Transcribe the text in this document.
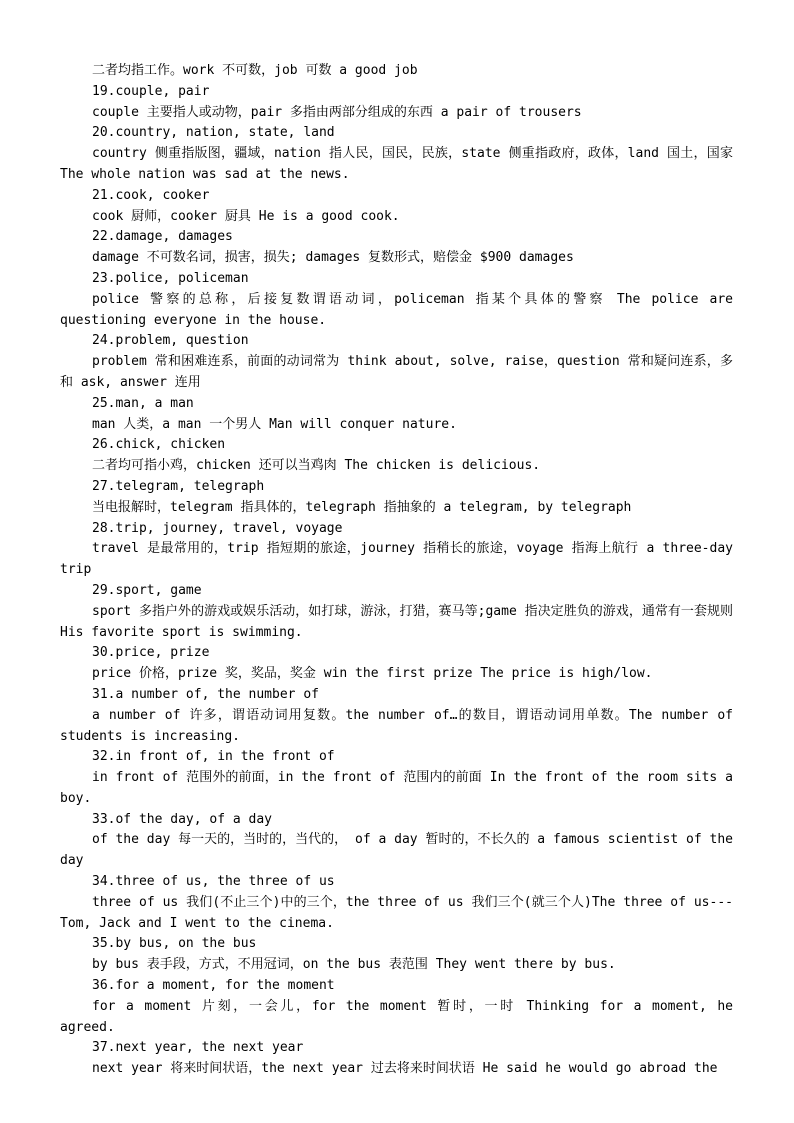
二者均指工作。work 不可数，job 可数 a good job

19.couple, pair

couple 主要指人或动物，pair 多指由两部分组成的东西 a pair of trousers

20.country, nation, state, land

country 侧重指版图，疆域，nation 指人民，国民，民族，state 侧重指政府，政体，land 国土，国家 The whole nation was sad at the news.

21.cook, cooker

cook 厨师，cooker 厨具 He is a good cook.

22.damage, damages

damage 不可数名词，损害，损失; damages 复数形式，赔偿金 $900 damages

23.police, policeman

police 警察的总称，后接复数谓语动词，policeman 指某个具体的警察 The police are questioning everyone in the house.

24.problem, question

problem 常和困难连系，前面的动词常为 think about, solve, raise，question 常和疑问连系，多和 ask, answer 连用

25.man, a man

man 人类，a man 一个男人 Man will conquer nature.

26.chick, chicken

二者均可指小鸡，chicken 还可以当鸡肉 The chicken is delicious.

27.telegram, telegraph

当电报解时，telegram 指具体的，telegraph 指抽象的 a telegram, by telegraph

28.trip, journey, travel, voyage

travel 是最常用的，trip 指短期的旅途，journey 指稍长的旅途，voyage 指海上航行 a three-day trip

29.sport, game

sport 多指户外的游戏或娱乐活动，如打球，游泳，打猎，赛马等;game 指决定胜负的游戏，通常有一套规则 His favorite sport is swimming.

30.price, prize

price 价格，prize 奖，奖品，奖金 win the first prize The price is high/low.

31.a number of, the number of

a number of 许多，谓语动词用复数。the number of…的数目，谓语动词用单数。The number of students is increasing.

32.in front of, in the front of

in front of 范围外的前面，in the front of 范围内的前面 In the front of the room sits a boy.

33.of the day, of a day

of the day 每一天的，当时的，当代的， of a day 暂时的，不长久的 a famous scientist of the day

34.three of us, the three of us

three of us 我们(不止三个)中的三个，the three of us 我们三个(就三个人)The three of us---Tom, Jack and I went to the cinema.

35.by bus, on the bus

by bus 表手段，方式，不用冠词，on the bus 表范围 They went there by bus.

36.for a moment, for the moment

for a moment 片刻，一会儿，for the moment 暂时，一时 Thinking for a moment, he agreed.

37.next year, the next year

next year 将来时间状语，the next year 过去将来时间状语 He said he would go abroad the
